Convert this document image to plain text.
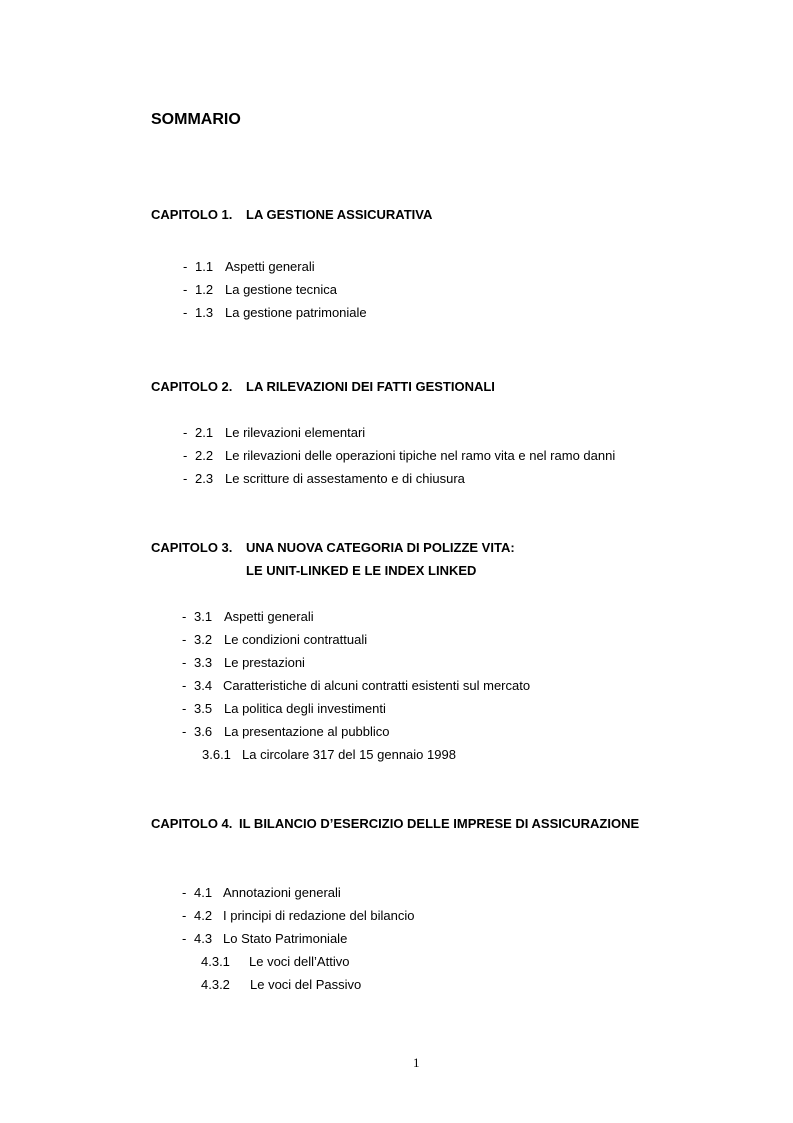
SOMMARIO
CAPITOLO 1. LA GESTIONE ASSICURATIVA
- 1.1 Aspetti generali
- 1.2 La gestione tecnica
- 1.3 La gestione patrimoniale
CAPITOLO 2. LA RILEVAZIONI DEI FATTI GESTIONALI
- 2.1 Le rilevazioni elementari
- 2.2 Le rilevazioni delle operazioni tipiche nel ramo vita e nel ramo danni
- 2.3 Le scritture di assestamento e di chiusura
CAPITOLO 3. UNA NUOVA CATEGORIA DI POLIZZE VITA:
LE UNIT-LINKED E LE INDEX LINKED
- 3.1 Aspetti generali
- 3.2 Le condizioni contrattuali
- 3.3 Le prestazioni
- 3.4 Caratteristiche di alcuni contratti esistenti sul mercato
- 3.5 La politica degli investimenti
- 3.6 La presentazione al pubblico
3.6.1 La circolare 317 del 15 gennaio 1998
CAPITOLO 4. IL BILANCIO D’ESERCIZIO DELLE IMPRESE DI ASSICURAZIONE
- 4.1 Annotazioni generali
- 4.2 I principi di redazione del bilancio
- 4.3 Lo Stato Patrimoniale
4.3.1 Le voci dell’Attivo
4.3.2 Le voci del Passivo
1
